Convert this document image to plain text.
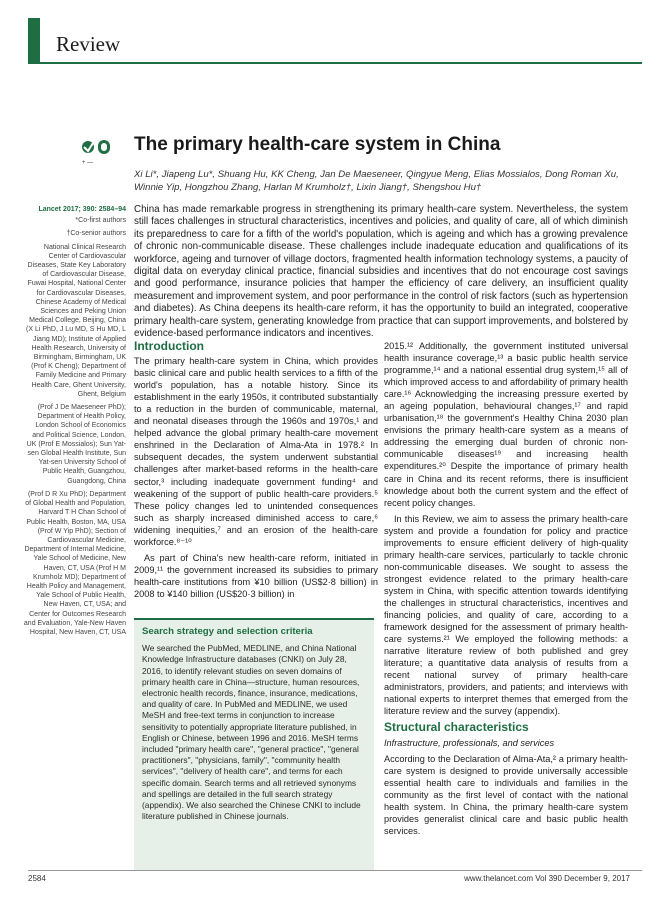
Review
+ —
The primary health-care system in China
Xi Li*, Jiapeng Lu*, Shuang Hu, KK Cheng, Jan De Maeseneer, Qingyue Meng, Elias Mossialos, Dong Roman Xu, Winnie Yip, Hongzhou Zhang, Harlan M Krumholz†, Lixin Jiang†, Shengshou Hu†

Lancet 2017; 390: 2584–94

*Co-first authors

†Co-senior authors

National Clinical Research Center of Cardiovascular Diseases, State Key Laboratory of Cardiovascular Disease, Fuwai Hospital, National Center for Cardiovascular Diseases, Chinese Academy of Medical Sciences and Peking Union Medical College, Beijing, China (X Li PhD, J Lu MD, S Hu MD, L Jiang MD); Institute of Applied Health Research, University of Birmingham, Birmingham, UK (Prof K Cheng); Department of Family Medicine and Primary Health Care, Ghent University, Ghent, Belgium

(Prof J De Maeseneer PhD); Department of Health Policy, London School of Economics and Political Science, London, UK (Prof E Mossialos); Sun Yat-sen Global Health Institute, Sun Yat-sen University School of Public Health, Guangzhou, Guangdong, China

(Prof D R Xu PhD); Department of Global Health and Population, Harvard T H Chan School of Public Health, Boston, MA, USA (Prof W Yip PhD); Section of Cardiovascular Medicine, Department of Internal Medicine, Yale School of Medicine, New Haven, CT, USA (Prof H M Krumholz MD); Department of Health Policy and Management, Yale School of Public Health, New Haven, CT, USA; and Center for Outcomes Research and Evaluation, Yale-New Haven Hospital, New Haven, CT, USA

China has made remarkable progress in strengthening its primary health-care system. Nevertheless, the system still faces challenges in structural characteristics, incentives and policies, and quality of care, all of which diminish its preparedness to care for a fifth of the world's population, which is ageing and which has a growing prevalence of chronic non-communicable disease. These challenges include inadequate education and qualifications of its workforce, ageing and turnover of village doctors, fragmented health information technology systems, a paucity of digital data on everyday clinical practice, financial subsidies and incentives that do not encourage cost savings and good performance, insurance policies that hamper the efficiency of care delivery, an insufficient quality measurement and improvement system, and poor performance in the control of risk factors (such as hypertension and diabetes). As China deepens its health-care reform, it has the opportunity to build an integrated, cooperative primary health-care system, generating knowledge from practice that can support improvements, and bolstered by evidence-based performance indicators and incentives.
Introduction

The primary health-care system in China, which provides basic clinical care and public health services to a fifth of the world's population, has a notable history. Since its establishment in the early 1950s, it contributed substantially to a reduction in the burden of communicable, maternal, and neonatal diseases through the 1960s and 1970s,¹ and helped advance the global primary health-care movement enshrined in the Declaration of Alma-Ata in 1978.² In subsequent decades, the system underwent substantial challenges after market-based reforms in the health-care sector,³ including inadequate government funding⁴ and weakening of the support of public health-care providers.⁵ These policy changes led to unintended consequences such as sharply increased diminished access to care,⁶ widening inequities,⁷ and an erosion of the health-care workforce.⁸⁻¹⁰

As part of China's new health-care reform, initiated in 2009,¹¹ the government increased its subsidies to primary health-care institutions from ¥10 billion (US$2·8 billion) in 2008 to ¥140 billion (US$20·3 billion) in

Search strategy and selection criteria

We searched the PubMed, MEDLINE, and China National Knowledge Infrastructure databases (CNKI) on July 28, 2016, to identify relevant studies on seven domains of primary health care in China—structure, human resources, electronic health records, finance, insurance, medications, and quality of care. In PubMed and MEDLINE, we used MeSH and free-text terms in conjunction to increase sensitivity to potentially appropriate literature published, in English or Chinese, between 1996 and 2016. MeSH terms included "primary health care", "general practice", "general practitioners", "physicians, family", "community health services", "delivery of health care", and terms for each specific domain. Search terms and all retrieved synonyms and spellings are detailed in the full search strategy (appendix). We also searched the Chinese CNKI to include literature published in Chinese journals.

2015.¹² Additionally, the government instituted universal health insurance coverage,¹³ a basic public health service programme,¹⁴ and a national essential drug system,¹⁵ all of which improved access to and affordability of primary health care.¹⁶ Acknowledging the increasing pressure exerted by an ageing population, behavioural changes,¹⁷ and rapid urbanisation,¹⁸ the government's Healthy China 2030 plan envisions the primary health-care system as a means of addressing the emerging dual burden of chronic non-communicable diseases¹⁹ and increasing health expenditures.²⁰ Despite the importance of primary health care in China and its recent reforms, there is insufficient knowledge about both the current system and the effect of recent policy changes.

In this Review, we aim to assess the primary health-care system and provide a foundation for policy and practice improvements to ensure efficient delivery of high-quality primary health-care services, particularly to tackle chronic non-communicable diseases. We sought to assess the strongest evidence related to the primary health-care system in China, with specific attention towards identifying the challenges in structural characteristics, incentives and financing policies, and quality of care, according to a framework designed for the assessment of primary health-care systems.²¹ We employed the following methods: a narrative literature review of both published and grey literature; a quantitative data analysis of results from a recent national survey of primary health-care administrators, providers, and patients; and interviews with national experts to interpret themes that emerged from the literature review and the survey (appendix).

Structural characteristics

Infrastructure, professionals, and services

According to the Declaration of Alma-Ata,² a primary health-care system is designed to provide universally accessible essential health care to individuals and families in the community as the first level of contact with the national health system. In China, the primary health-care system provides generalist clinical care and basic public health services.

2584	www.thelancet.com Vol 390 December 9, 2017
